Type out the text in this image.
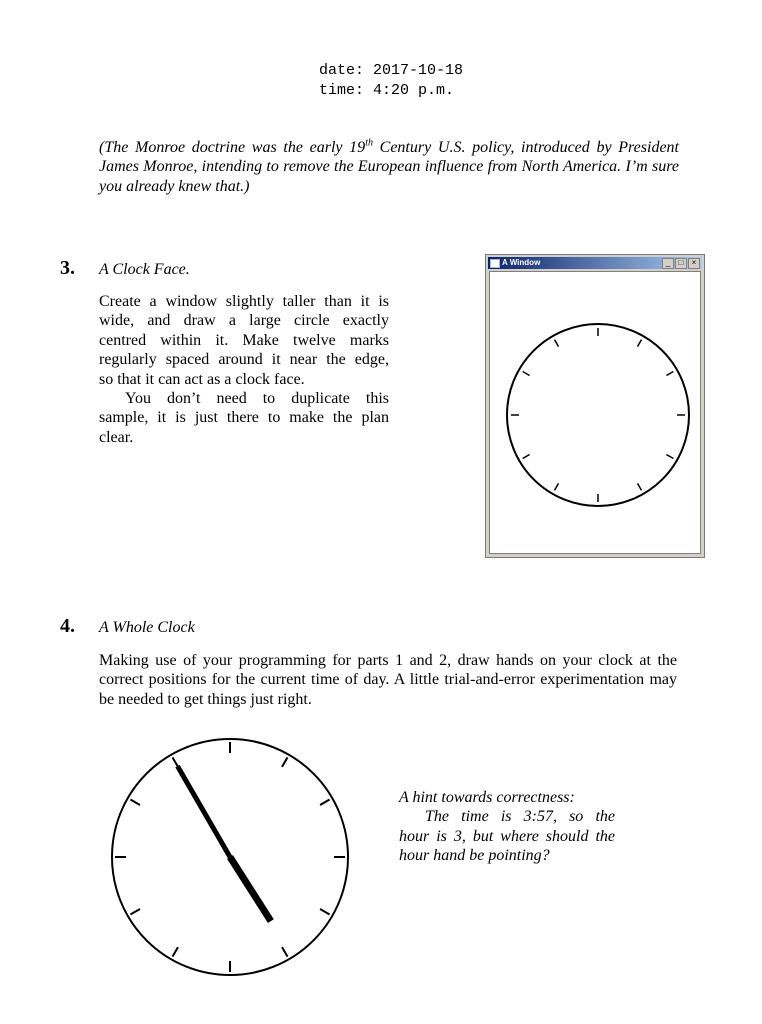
date: 2017-10-18
time: 4:20 p.m.
(The Monroe doctrine was the early 19th Century U.S. policy, introduced by President James Monroe, intending to remove the European influence from North America. I’m sure you already knew that.)
3. A Clock Face.
Create a window slightly taller than it is
wide, and draw a large circle exactly
centred within it. Make twelve marks
regularly spaced around it near the edge,
so that it can act as a clock face.
You don’t need to duplicate this
sample, it is just there to make the plan
clear.
A Window	_	□	×
4. A Whole Clock
Making use of your programming for parts 1 and 2, draw hands on your clock at the correct positions for the current time of day. A little trial-and-error experimentation may be needed to get things just right.
A hint towards correctness:
The time is 3:57, so the
hour is 3, but where should the
hour hand be pointing?
